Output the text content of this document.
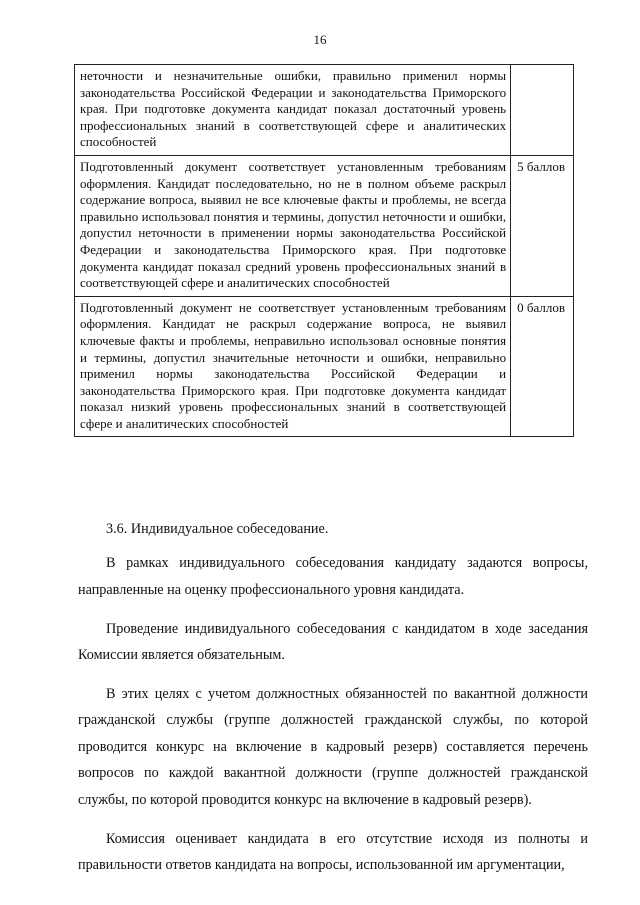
16
неточности и незначительные ошибки, правильно применил нормы законодательства Российской Федерации и законодательства Приморского края. При подготовке документа кандидат показал достаточный уровень профессиональных знаний в соответствующей сфере и аналитических способностей	
Подготовленный документ соответствует установленным требованиям оформления. Кандидат последовательно, но не в полном объеме раскрыл содержание вопроса, выявил не все ключевые факты и проблемы, не всегда правильно использовал понятия и термины, допустил неточности и ошибки, допустил неточности в применении нормы законодательства Российской Федерации и законодательства Приморского края. При подготовке документа кандидат показал средний уровень профессиональных знаний в соответствующей сфере и аналитических способностей	5 баллов
Подготовленный документ не соответствует установленным требованиям оформления. Кандидат не раскрыл содержание вопроса, не выявил ключевые факты и проблемы, неправильно использовал основные понятия и термины, допустил значительные неточности и ошибки, неправильно применил нормы законодательства Российской Федерации и законодательства Приморского края. При подготовке документа кандидат показал низкий уровень профессиональных знаний в соответствующей сфере и аналитических способностей	0 баллов

3.6. Индивидуальное собеседование.

В рамках индивидуального собеседования кандидату задаются вопросы, направленные на оценку профессионального уровня кандидата.

Проведение индивидуального собеседования с кандидатом в ходе заседания Комиссии является обязательным.

В этих целях с учетом должностных обязанностей по вакантной должности гражданской службы (группе должностей гражданской службы, по которой проводится конкурс на включение в кадровый резерв) составляется перечень вопросов по каждой вакантной должности (группе должностей гражданской службы, по которой проводится конкурс на включение в кадровый резерв).

Комиссия оценивает кандидата в его отсутствие исходя из полноты и правильности ответов кандидата на вопросы, использованной им аргументации,
